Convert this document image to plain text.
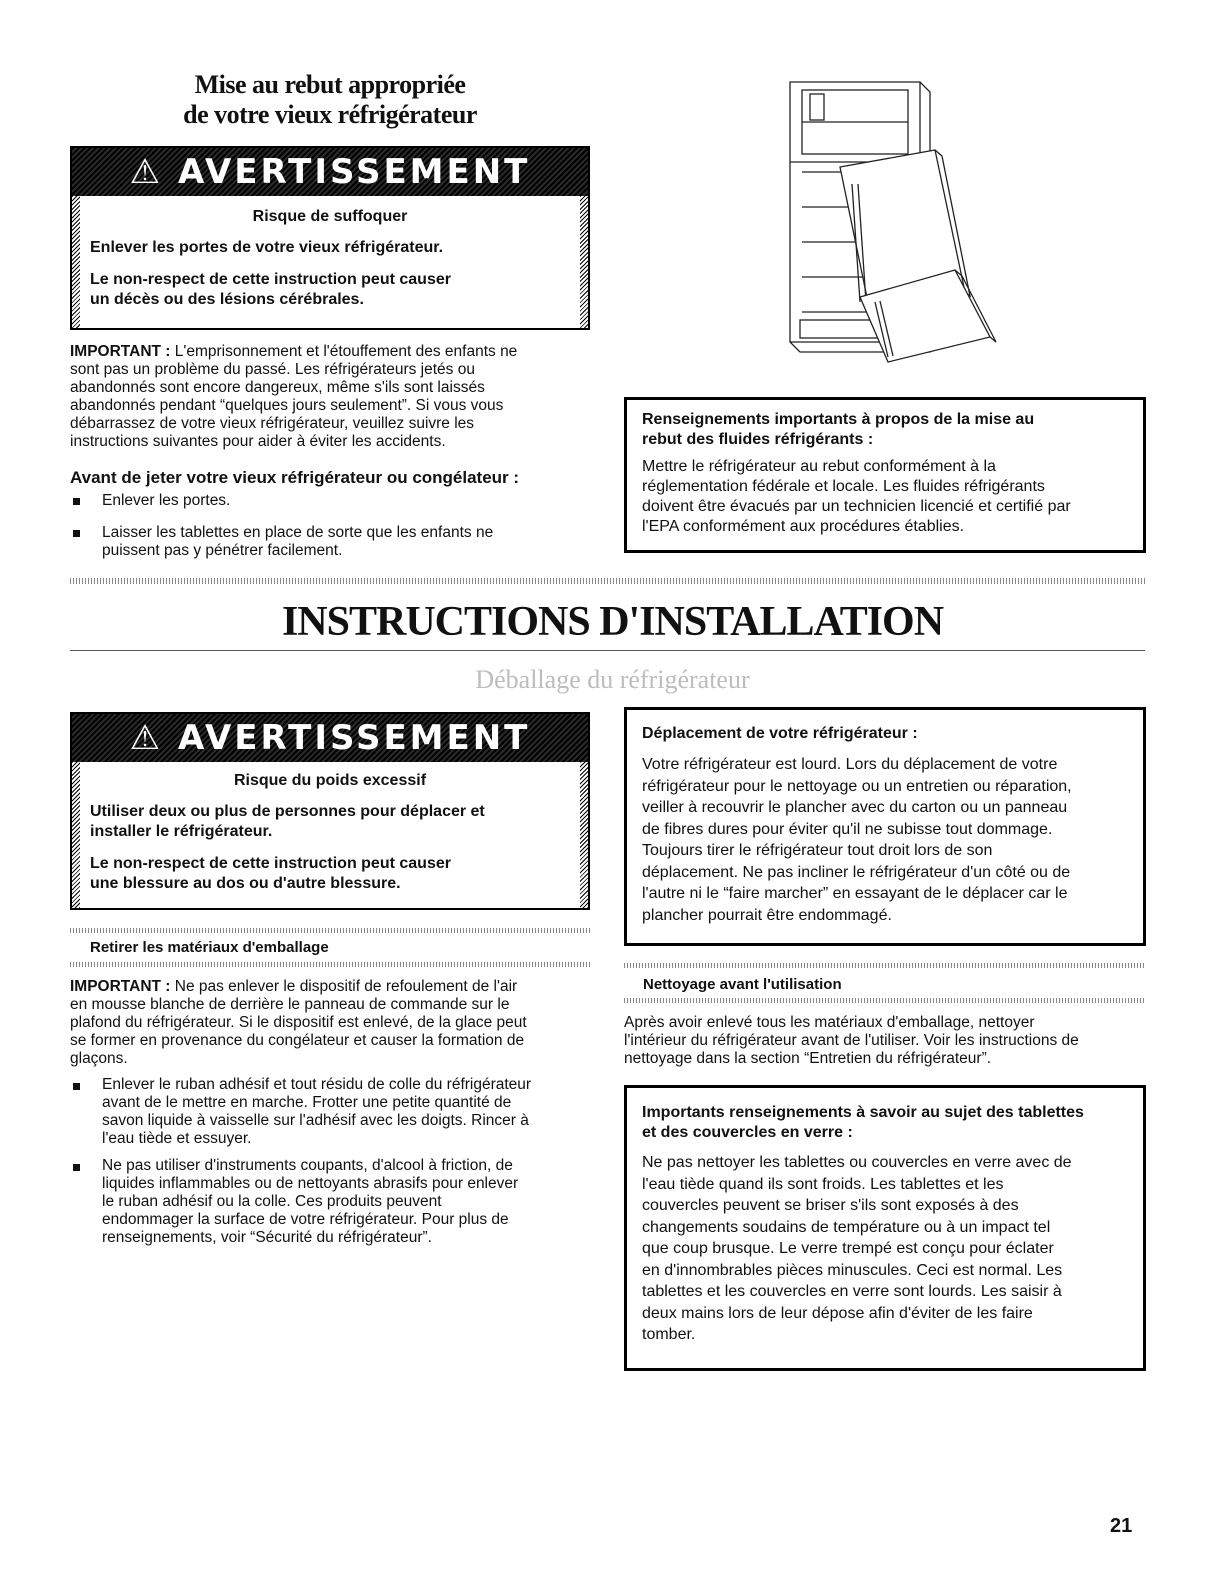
Mise au rebut appropriée
de votre vieux réfrigérateur
⚠ AVERTISSEMENT
Risque de suffoquer
Enlever les portes de votre vieux réfrigérateur.
Le non-respect de cette instruction peut causer
un décès ou des lésions cérébrales.
IMPORTANT : L'emprisonnement et l'étouffement des enfants ne
sont pas un problème du passé. Les réfrigérateurs jetés ou
abandonnés sont encore dangereux, même s'ils sont laissés
abandonnés pendant “quelques jours seulement”. Si vous vous
débarrassez de votre vieux réfrigérateur, veuillez suivre les
instructions suivantes pour aider à éviter les accidents.
Avant de jeter votre vieux réfrigérateur ou congélateur :
Enlever les portes.
Laisser les tablettes en place de sorte que les enfants ne
puissent pas y pénétrer facilement.
Renseignements importants à propos de la mise au
rebut des fluides réfrigérants :
Mettre le réfrigérateur au rebut conformément à la
réglementation fédérale et locale. Les fluides réfrigérants
doivent être évacués par un technicien licencié et certifié par
l'EPA conformément aux procédures établies.
INSTRUCTIONS D'INSTALLATION
Déballage du réfrigérateur
⚠ AVERTISSEMENT
Risque du poids excessif
Utiliser deux ou plus de personnes pour déplacer et
installer le réfrigérateur.
Le non-respect de cette instruction peut causer
une blessure au dos ou d'autre blessure.
Retirer les matériaux d'emballage
IMPORTANT : Ne pas enlever le dispositif de refoulement de l'air
en mousse blanche de derrière le panneau de commande sur le
plafond du réfrigérateur. Si le dispositif est enlevé, de la glace peut
se former en provenance du congélateur et causer la formation de
glaçons.
Enlever le ruban adhésif et tout résidu de colle du réfrigérateur
avant de le mettre en marche. Frotter une petite quantité de
savon liquide à vaisselle sur l'adhésif avec les doigts. Rincer à
l'eau tiède et essuyer.
Ne pas utiliser d'instruments coupants, d'alcool à friction, de
liquides inflammables ou de nettoyants abrasifs pour enlever
le ruban adhésif ou la colle. Ces produits peuvent
endommager la surface de votre réfrigérateur. Pour plus de
renseignements, voir “Sécurité du réfrigérateur”.
Déplacement de votre réfrigérateur :
Votre réfrigérateur est lourd. Lors du déplacement de votre
réfrigérateur pour le nettoyage ou un entretien ou réparation,
veiller à recouvrir le plancher avec du carton ou un panneau
de fibres dures pour éviter qu'il ne subisse tout dommage.
Toujours tirer le réfrigérateur tout droit lors de son
déplacement. Ne pas incliner le réfrigérateur d'un côté ou de
l'autre ni le “faire marcher” en essayant de le déplacer car le
plancher pourrait être endommagé.
Nettoyage avant l'utilisation
Après avoir enlevé tous les matériaux d'emballage, nettoyer
l'intérieur du réfrigérateur avant de l'utiliser. Voir les instructions de
nettoyage dans la section “Entretien du réfrigérateur”.
Importants renseignements à savoir au sujet des tablettes
et des couvercles en verre :
Ne pas nettoyer les tablettes ou couvercles en verre avec de
l'eau tiède quand ils sont froids. Les tablettes et les
couvercles peuvent se briser s'ils sont exposés à des
changements soudains de température ou à un impact tel
que coup brusque. Le verre trempé est conçu pour éclater
en d'innombrables pièces minuscules. Ceci est normal. Les
tablettes et les couvercles en verre sont lourds. Les saisir à
deux mains lors de leur dépose afin d'éviter de les faire
tomber.
21
